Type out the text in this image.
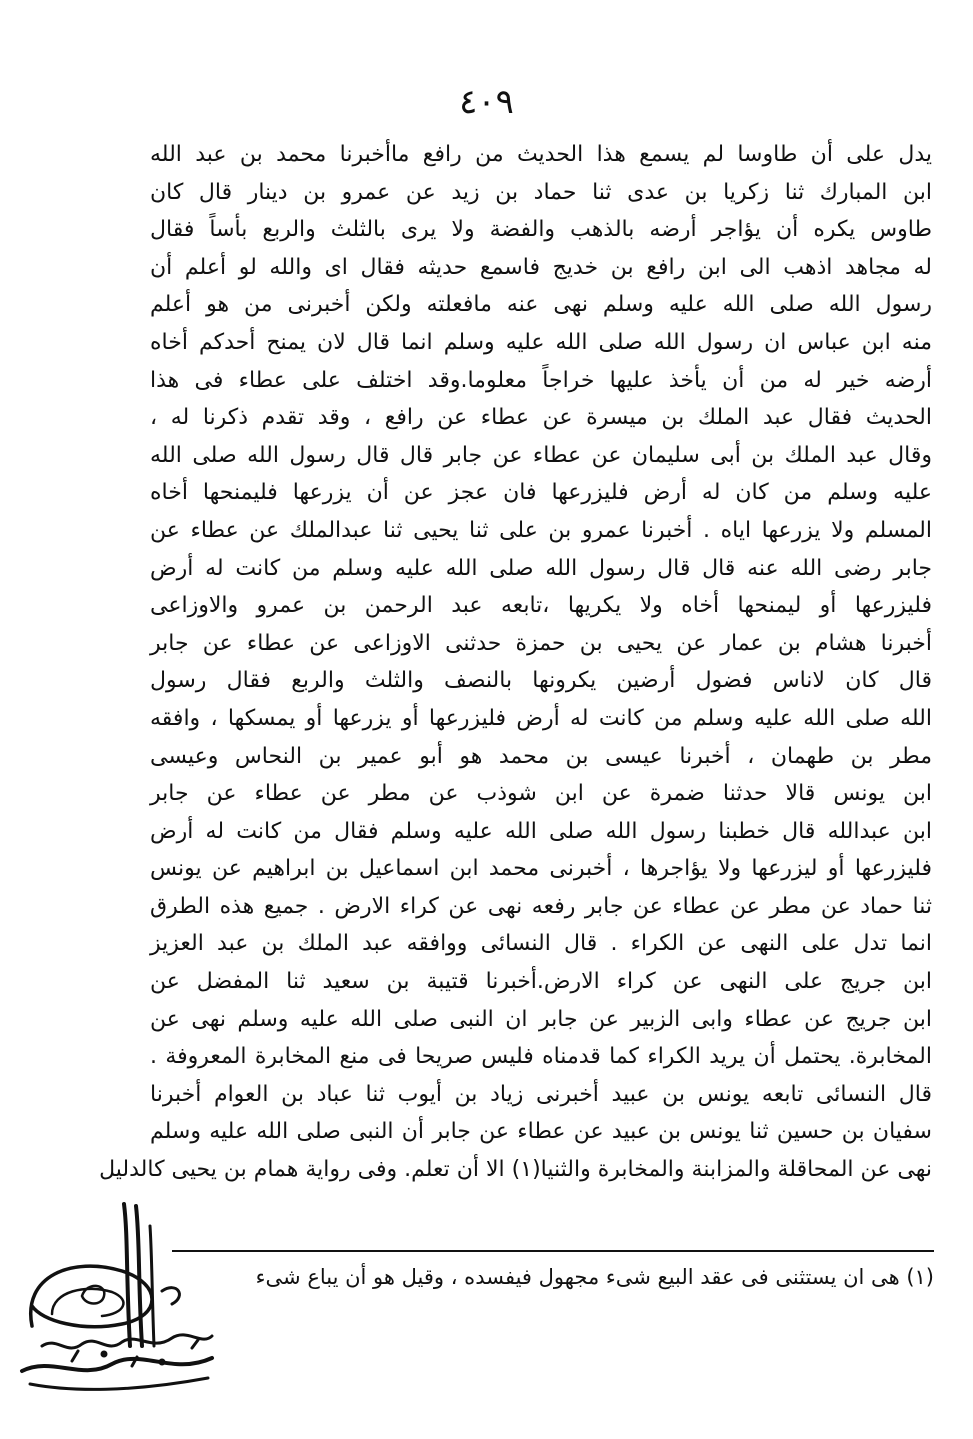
٤٠٩
يدل على أن طاوسا لم يسمع هذا الحديث من رافع ماأخبرنا محمد بن عبد الله
ابن المبارك ثنا زكريا بن عدى ثنا حماد بن زيد عن عمرو بن دينار قال كان
طاوس يكره أن يؤاجر أرضه بالذهب والفضة ولا يرى بالثلث والربع بأساً فقال
له مجاهد اذهب الى ابن رافع بن خديج فاسمع حديثه فقال اى والله لو أعلم أن
رسول الله صلى الله عليه وسلم نهى عنه مافعلته ولكن أخبرنى من هو أعلم
منه ابن عباس ان رسول الله صلى الله عليه وسلم انما قال لان يمنح أحدكم أخاه
أرضه خير له من أن يأخذ عليها خراجاً معلوما.وقد اختلف على عطاء فى هذا
الحديث فقال عبد الملك بن ميسرة عن عطاء عن رافع ، وقد تقدم ذكرنا له ،
وقال عبد الملك بن أبى سليمان عن عطاء عن جابر قال قال رسول الله صلى الله
عليه وسلم من كان له أرض فليزرعها فان عجز عن أن يزرعها فليمنحها أخاه
المسلم ولا يزرعها اياه . أخبرنا عمرو بن على ثنا يحيى ثنا عبدالملك عن عطاء عن
جابر رضى الله عنه قال قال رسول الله صلى الله عليه وسلم من كانت له أرض
فليزرعها أو ليمنحها أخاه ولا يكريها ،تابعه عبد الرحمن بن عمرو والاوزاعى
أخبرنا هشام بن عمار عن يحيى بن حمزة حدثنى الاوزاعى عن عطاء عن جابر
قال كان لاناس فضول أرضين يكرونها بالنصف والثلث والربع فقال رسول
الله صلى الله عليه وسلم من كانت له أرض فليزرعها أو يزرعها أو يمسكها ، وافقه
مطر بن طهمان ، أخبرنا عيسى بن محمد هو أبو عمير بن النحاس وعيسى
ابن يونس قالا حدثنا ضمرة عن ابن شوذب عن مطر عن عطاء عن جابر
ابن عبدالله قال خطبنا رسول الله صلى الله عليه وسلم فقال من كانت له أرض
فليزرعها أو ليزرعها ولا يؤاجرها ، أخبرنى محمد ابن اسماعيل بن ابراهيم عن يونس
ثنا حماد عن مطر عن عطاء عن جابر رفعه نهى عن كراء الارض . جميع هذه الطرق
انما تدل على النهى عن الكراء . قال النسائى ووافقه عبد الملك بن عبد العزيز
ابن جريج على النهى عن كراء الارض.أخبرنا قتيبة بن سعيد ثنا المفضل عن
ابن جريج عن عطاء وابى الزبير عن جابر ان النبى صلى الله عليه وسلم نهى عن
المخابرة. يحتمل أن يريد الكراء كما قدمناه فليس صريحا فى منع المخابرة المعروفة .
قال النسائى تابعه يونس بن عبيد أخبرنى زياد بن أيوب ثنا عباد بن العوام أخبرنا
سفيان بن حسين ثنا يونس بن عبيد عن عطاء عن جابر أن النبى صلى الله عليه وسلم
نهى عن المحاقلة والمزابنة والمخابرة والثنيا(١) الا أن تعلم. وفى رواية همام بن يحيى كالدليل
(١) هى ان يستثنى فى عقد البيع شىء مجهول فيفسده ، وقيل هو أن يباع شىء
